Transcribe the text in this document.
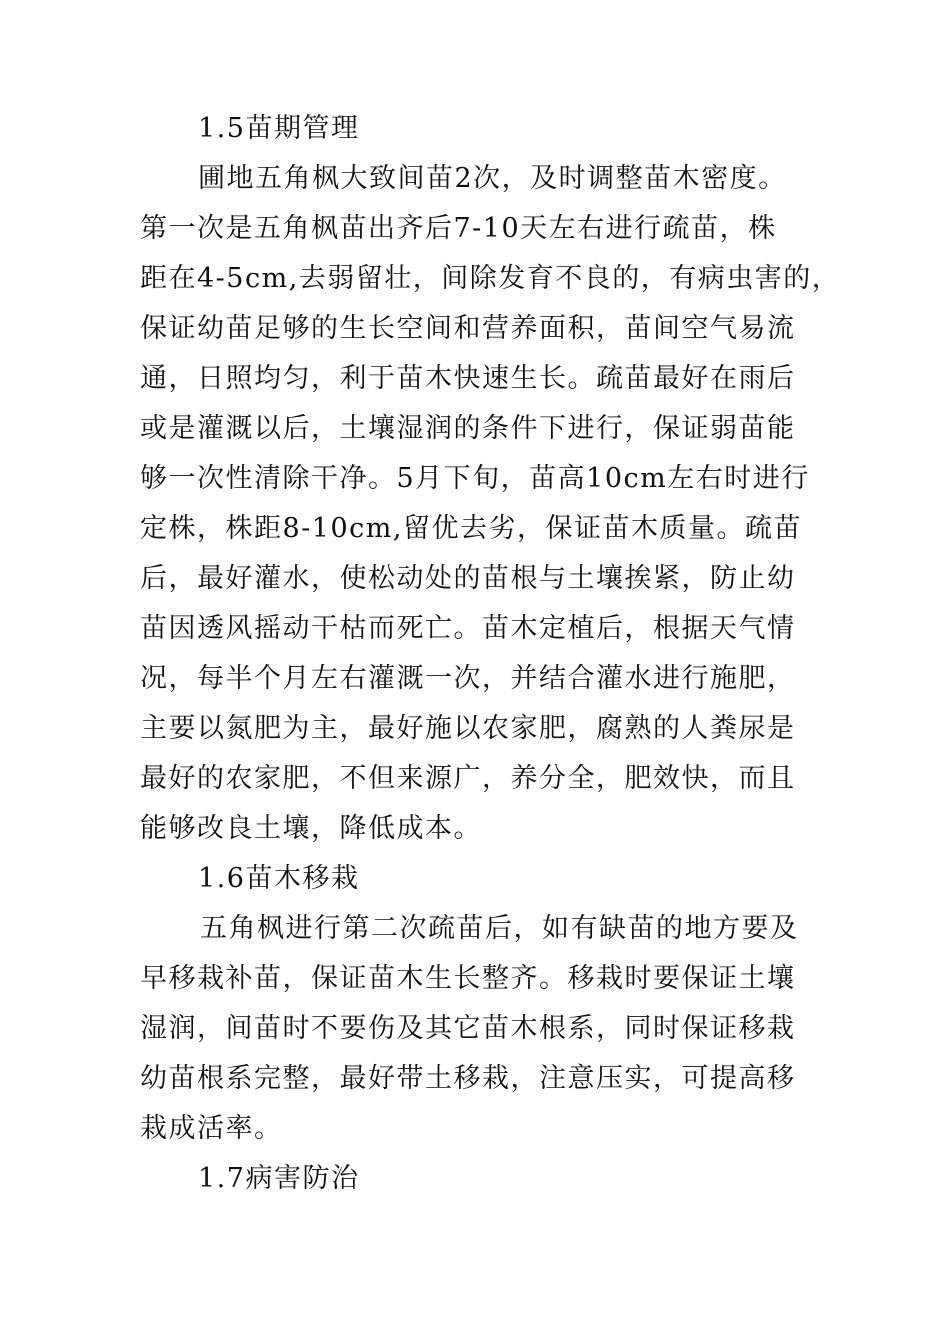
1.5苗期管理
圃地五角枫大致间苗2次，及时调整苗木密度。
第一次是五角枫苗出齐后7-10天左右进行疏苗，株
距在4-5cm,去弱留壮，间除发育不良的，有病虫害的，
保证幼苗足够的生长空间和营养面积，苗间空气易流
通，日照均匀，利于苗木快速生长。疏苗最好在雨后
或是灌溉以后，土壤湿润的条件下进行，保证弱苗能
够一次性清除干净。5月下旬，苗高10cm左右时进行
定株，株距8-10cm,留优去劣，保证苗木质量。疏苗
后，最好灌水，使松动处的苗根与土壤挨紧，防止幼
苗因透风摇动干枯而死亡。苗木定植后，根据天气情
况，每半个月左右灌溉一次，并结合灌水进行施肥，
主要以氮肥为主，最好施以农家肥，腐熟的人粪尿是
最好的农家肥，不但来源广，养分全，肥效快，而且
能够改良土壤，降低成本。
1.6苗木移栽
五角枫进行第二次疏苗后，如有缺苗的地方要及
早移栽补苗，保证苗木生长整齐。移栽时要保证土壤
湿润，间苗时不要伤及其它苗木根系，同时保证移栽
幼苗根系完整，最好带土移栽，注意压实，可提高移
栽成活率。
1.7病害防治
